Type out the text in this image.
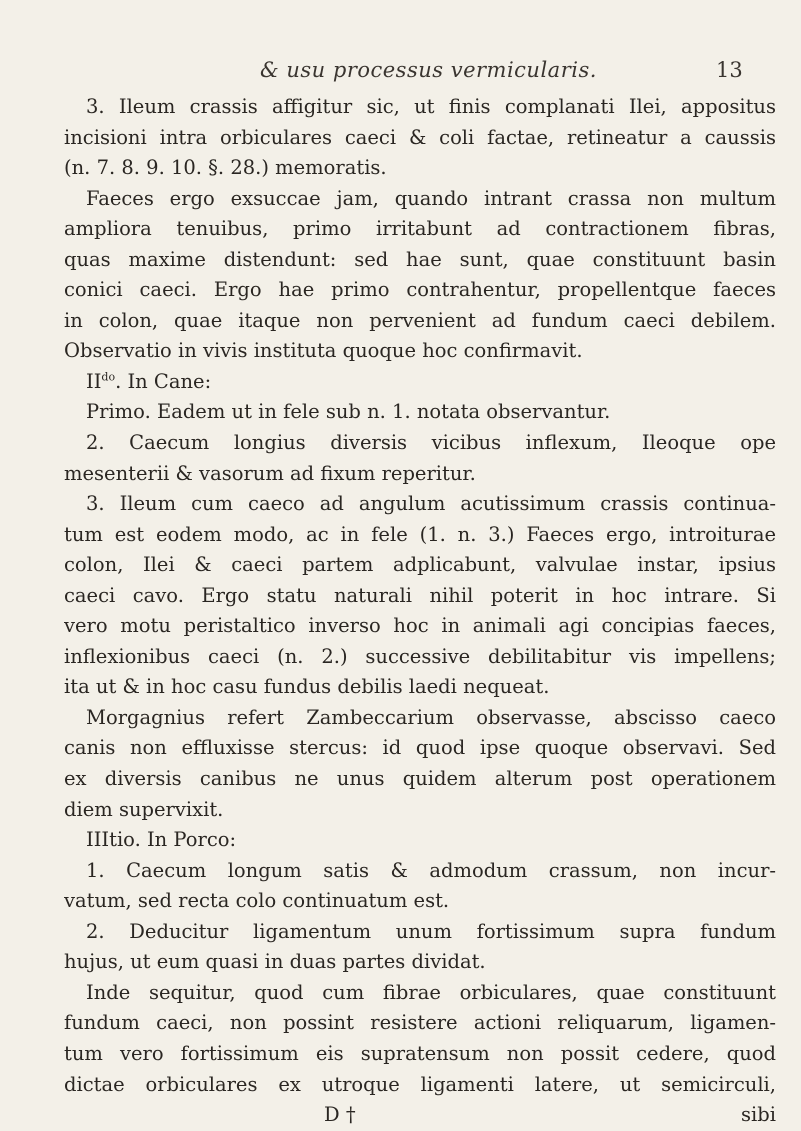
& usu processus vermicularis.	13
3. Ileum crassis affigitur sic, ut finis complanati Ilei, appositus
incisioni intra orbiculares caeci & coli factae, retineatur a caussis
(n. 7. 8. 9. 10. §. 28.) memoratis.
Faeces ergo exsuccae jam, quando intrant crassa non multum
ampliora tenuibus, primo irritabunt ad contractionem fibras,
quas maxime distendunt: sed hae sunt, quae constituunt basin
conici caeci. Ergo hae primo contrahentur, propellentque faeces
in colon, quae itaque non pervenient ad fundum caeci debilem.
Observatio in vivis instituta quoque hoc confirmavit.
$II^{do}$. In Cane:
Primo. Eadem ut in fele sub n. 1. notata observantur.
2. Caecum longius diversis vicibus inflexum, Ileoque ope
mesenterii & vasorum ad fixum reperitur.
3. Ileum cum caeco ad angulum acutissimum crassis continua-
tum est eodem modo, ac in fele (1. n. 3.) Faeces ergo, introiturae
colon, Ilei & caeci partem adplicabunt, valvulae instar, ipsius
caeci cavo. Ergo statu naturali nihil poterit in hoc intrare. Si
vero motu peristaltico inverso hoc in animali agi concipias faeces,
inflexionibus caeci (n. 2.) successive debilitabitur vis impellens;
ita ut & in hoc casu fundus debilis laedi nequeat.
Morgagnius refert Zambeccarium observasse, abscisso caeco
canis non effluxisse stercus: id quod ipse quoque observavi. Sed
ex diversis canibus ne unus quidem alterum post operationem
diem supervixit.
IIItio. In Porco:
1. Caecum longum satis & admodum crassum, non incur-
vatum, sed recta colo continuatum est.
2. Deducitur ligamentum unum fortissimum supra fundum
hujus, ut eum quasi in duas partes dividat.
Inde sequitur, quod cum fibrae orbiculares, quae constituunt
fundum caeci, non possint resistere actioni reliquarum, ligamen-
tum vero fortissimum eis supratensum non possit cedere, quod
dictae orbiculares ex utroque ligamenti latere, ut semicirculi,
D †	sibi
